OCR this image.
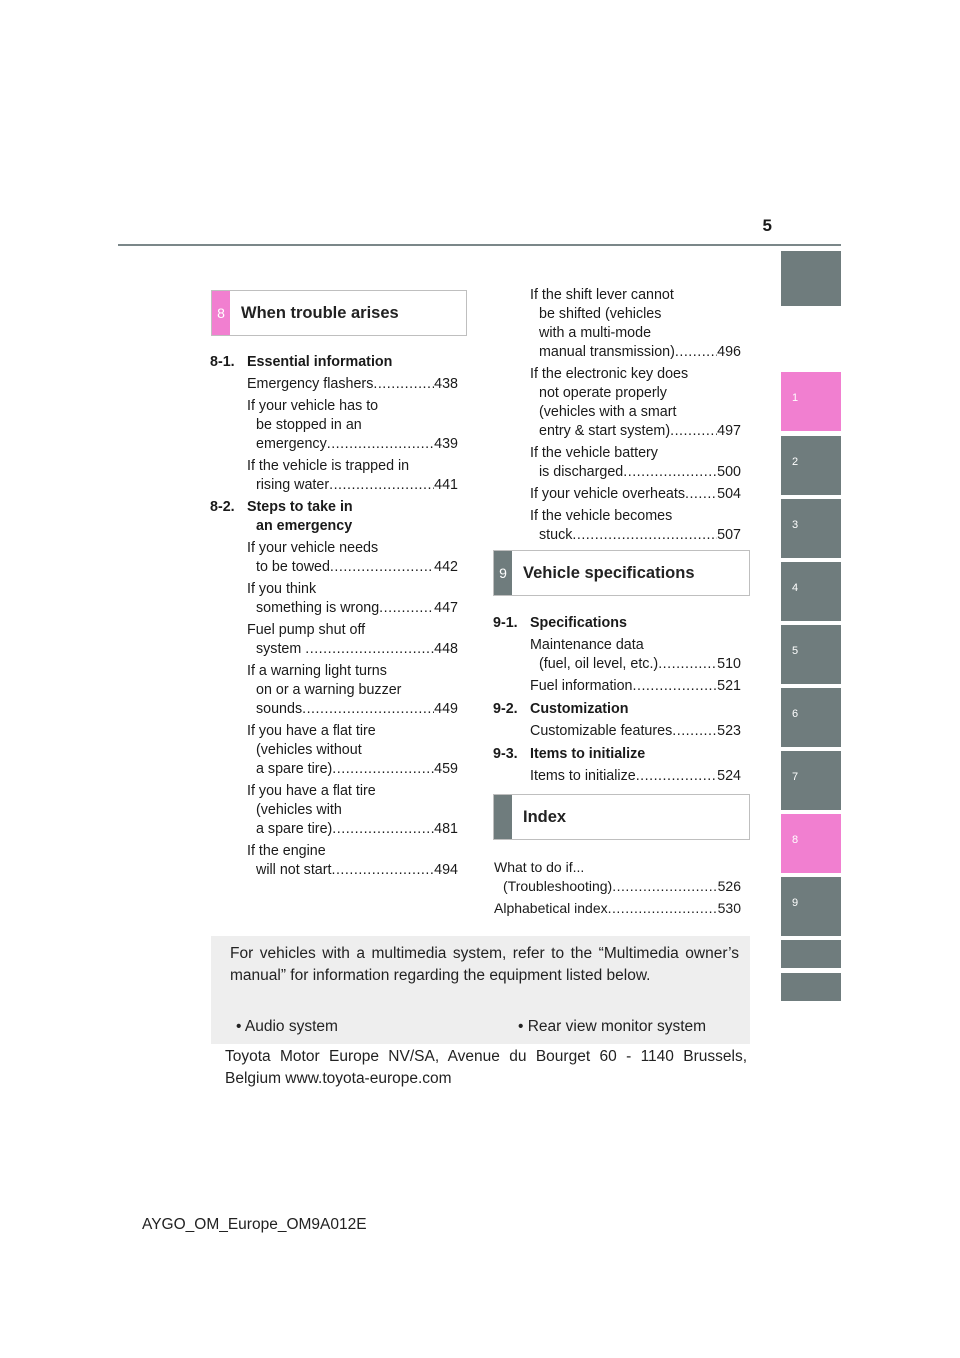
5
1
2
3
4
5
6
7
8
9
8 When trouble arises
8-1. Essential information
Emergency flashers .....	438
If your vehicle has to
be stopped in an
emergency .....	439
If the vehicle is trapped in
rising water .....	441
8-2. Steps to take in
an emergency
If your vehicle needs
to be towed .....	442
If you think
something is wrong .....	447
Fuel pump shut off
system .....	448
If a warning light turns
on or a warning buzzer
sounds .....	449
If you have a flat tire
(vehicles without
a spare tire) .....	459
If you have a flat tire
(vehicles with
a spare tire) .....	481
If the engine
will not start .....	494
If the shift lever cannot
be shifted (vehicles
with a multi-mode
manual transmission) .....	496
If the electronic key does
not operate properly
(vehicles with a smart
entry & start system) .....	497
If the vehicle battery
is discharged .....	500
If your vehicle overheats ..... 504
If the vehicle becomes
stuck .....	507
9 Vehicle specifications
9-1. Specifications
Maintenance data
(fuel, oil level, etc.) .....	510
Fuel information .....	521
9-2. Customization
Customizable features .....	523
9-3. Items to initialize
Items to initialize .....	524
Index
What to do if...
(Troubleshooting) .....	526
Alphabetical index .....	530
For vehicles with a multimedia system, refer to the “Multimedia owner’s manual” for information regarding the equipment listed below.
• Audio system	• Rear view monitor system
Toyota Motor Europe NV/SA, Avenue du Bourget 60 - 1140 Brussels, Belgium www.toyota-europe.com
AYGO_OM_Europe_OM9A012E
